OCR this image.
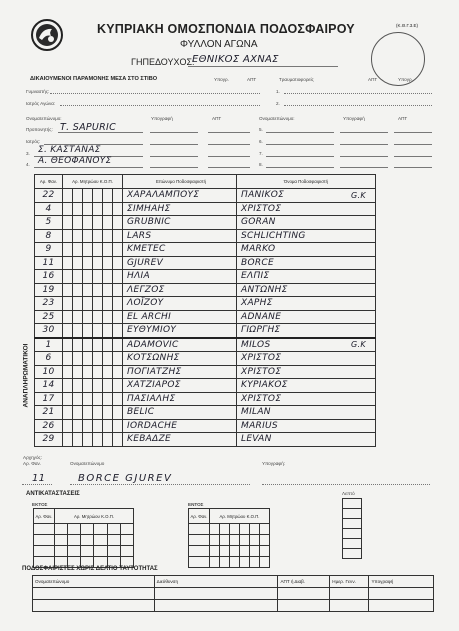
(Κ.Θ.Γ.3.Ε)
ΚΥΠΡΙΑΚΗ ΟΜΟΣΠΟΝΔΙΑ ΠΟΔΟΣΦΑΙΡΟΥ
ΦΥΛΛΟΝ ΑΓΩΝΑ
ΓΗΠΕΔΟΥΧΟΣ:
ΕΘΝΙΚΟΣ ΑΧΝΑΣ
ΔΙΚΑΙΟΥΜΕΝΟΙ ΠΑΡΑΜΟΝΗΣ ΜΕΣΑ ΣΤΟ ΣΤΙΒΟ	Υπογρ.	ΑΠΤ	Τραυματιοφορείς	ΑΠΤ	Υπογρ.
Γυμναστής:	1.
Ιατρός Αγώνα:	2.
Ονοματεπώνυμο:	Υπογραφή	ΑΠΤ	Ονοματεπώνυμο:	Υπογραφή	ΑΠΤ
Προπονητής: Τ. SAPURIC	5.
Ιατρός:	6.
3. Σ. ΚΑΣΤΑΝΑΣ	7.
4. Α. ΘΕΟΦΑΝΟΥΣ	8.
ΑΝΑΠΛΗΡΩΜΑΤΙΚΟΙ
Αρ. Φαν.	Αρ. Μητρώου Κ.Ο.Π.						Επώνυμο Ποδοσφαιριστή	Όνομα Ποδοσφαιριστή	
22							ΧΑΡΑΛΑΜΠΟΥΣ	ΠΑΝΙΚΟΣ	G.K
4							ΣΙΜΗΑΗΣ	ΧΡΙΣΤΟΣ	
5							GRUBNIC	GORAN	
8							LARS	SCHLICHTING	
9							KMETEC	MARKO	
11							GJUREV	BORCE	
16							ΗΛΙΑ	ΕΛΠΙΣ	
19							ΛΕΓΖΟΣ	ΑΝΤΩΝΗΣ	
23							ΛΟΪΖΟΥ	ΧΑΡΗΣ	
25							EL ARCHI	ADNANE	
30							ΕΥΘΥΜΙΟΥ	ΓΙΩΡΓΗΣ	
1							ADAMOVIC	MILOS	G.K
6							ΚΟΤΣΩΝΗΣ	ΧΡΙΣΤΟΣ	
10							ΠΟΓΙΑΤΖΗΣ	ΧΡΙΣΤΟΣ	
14							ΧΑΤΖΙΑΡΟΣ	ΚΥΡΙΑΚΟΣ	
17							ΠΑΣΙΑΛΗΣ	ΧΡΙΣΤΟΣ	
21							BELIC	MILAN	
26							IORDACHE	MARIUS	
29							ΚΕΒΑΔΖΕ	LEVAN	
Αρχηγός:
Αρ. Φαν.	Ονοματεπώνυμο	Υπογραφή:
11	BORCE GJUREV
ΑΝΤΙΚΑΤΑΣΤΑΣΕΙΣ
ΕΚΤΟΣ	ΕΝΤΟΣ
Αρ. Φαν.	Αρ. Μητρώου Κ.Ο.Π.					

							Αρ. Φαν.	Αρ. Μητρώου Κ.Ο.Π.					

Λεπτό

ΠΟΔΟΣΦΑΙΡΙΣΤΕΣ ΧΩΡΙΣ ΔΕΛΤΙΟ ΤΑΥΤΟΤΗΤΑΣ
Ονοματεπώνυμο	Διεύθυνση	ΑΠΤ ή Διαβ.	Ημερ. Γενν.	Υπογραφή
